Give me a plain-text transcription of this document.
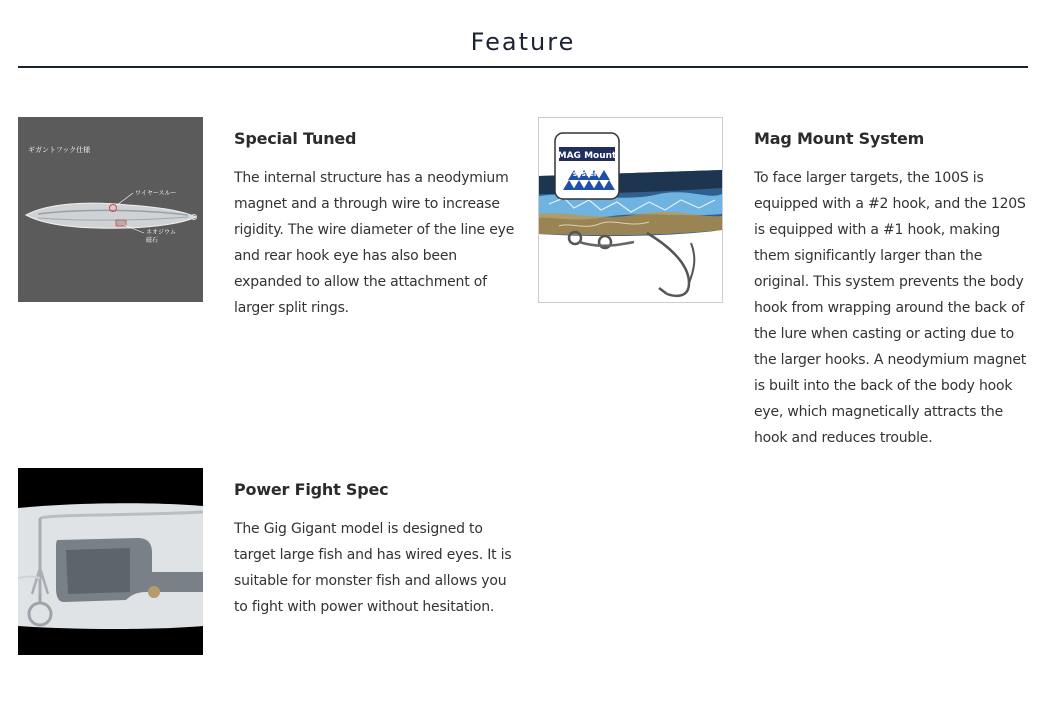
Feature
ギガントフック仕様
ワイヤースルー
ネオジウム
磁石
Special Tuned
The internal structure has a neodymium magnet and a through wire to increase rigidity. The wire diameter of the line eye and rear hook eye has also been expanded to allow the attachment of larger split rings.
MAG Mount
system
Mag Mount System
To face larger targets, the 100S is equipped with a #2 hook, and the 120S is equipped with a #1 hook, making them significantly larger than the original. This system prevents the body hook from wrapping around the back of the lure when casting or acting due to the larger hooks. A neodymium magnet is built into the back of the body hook eye, which magnetically attracts the hook and reduces trouble.
Power Fight Spec
The Gig Gigant model is designed to target large fish and has wired eyes. It is suitable for monster fish and allows you to fight with power without hesitation.
